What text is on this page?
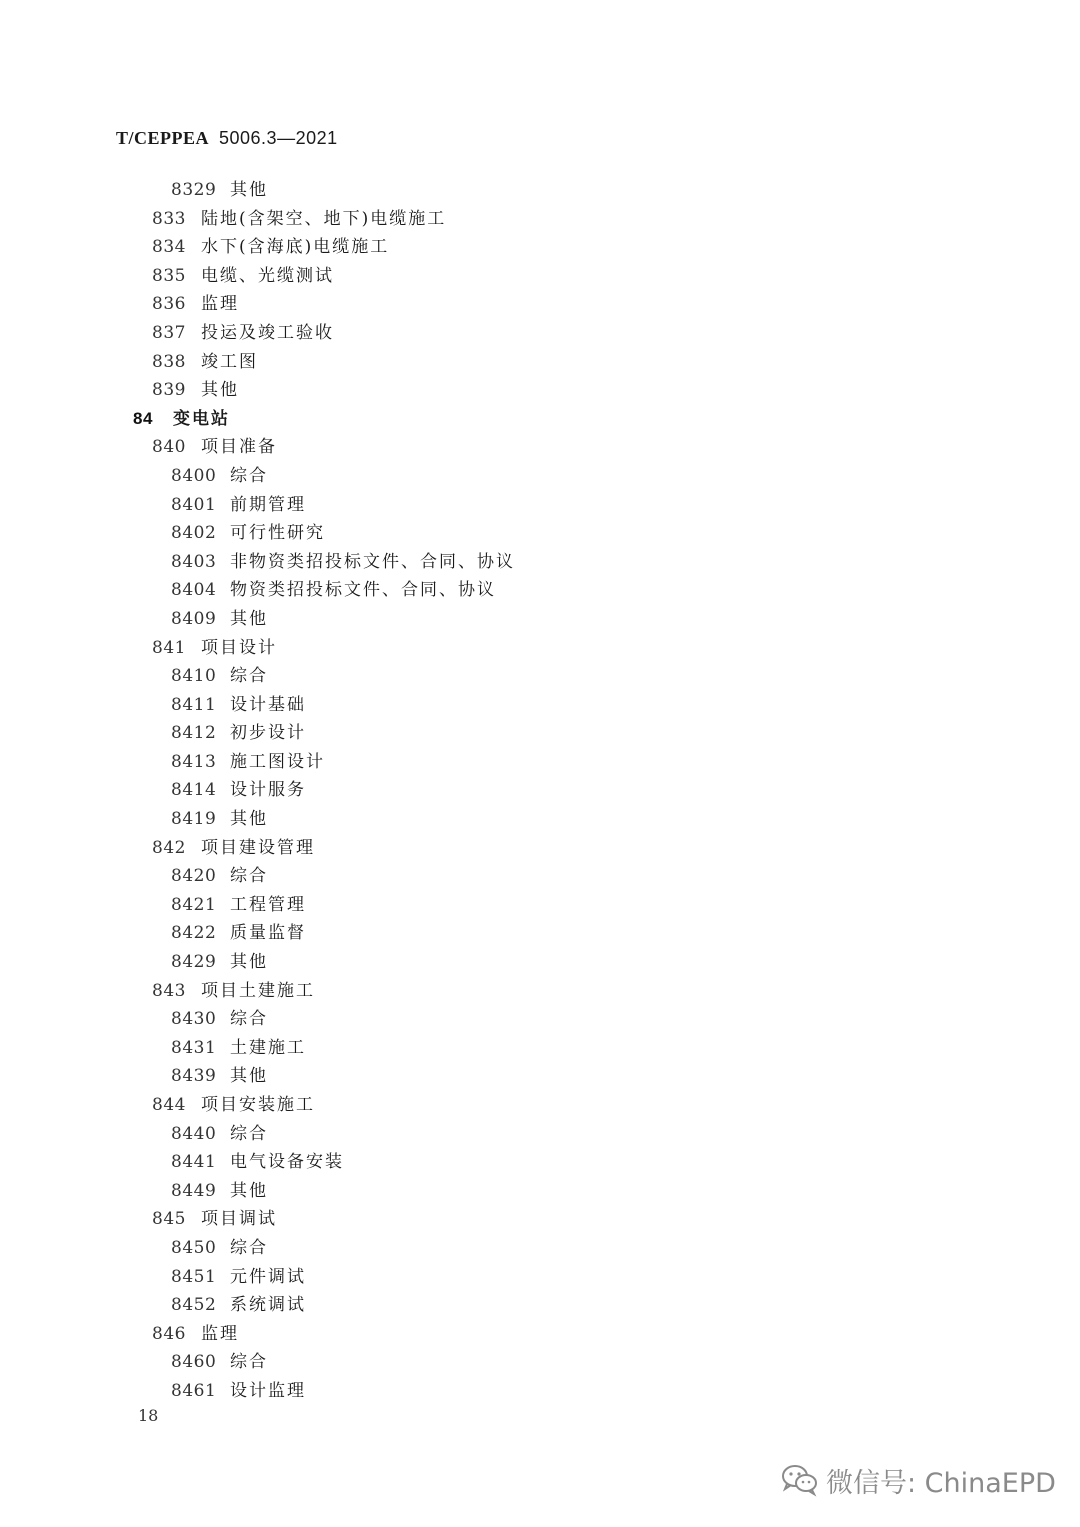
T/CEPPEA 5006.3—2021
8329 其他
833 陆地(含架空、地下)电缆施工
834 水下(含海底)电缆施工
835 电缆、光缆测试
836 监理
837 投运及竣工验收
838 竣工图
839 其他
84 变电站
840 项目准备
8400 综合
8401 前期管理
8402 可行性研究
8403 非物资类招投标文件、合同、协议
8404 物资类招投标文件、合同、协议
8409 其他
841 项目设计
8410 综合
8411 设计基础
8412 初步设计
8413 施工图设计
8414 设计服务
8419 其他
842 项目建设管理
8420 综合
8421 工程管理
8422 质量监督
8429 其他
843 项目土建施工
8430 综合
8431 土建施工
8439 其他
844 项目安装施工
8440 综合
8441 电气设备安装
8449 其他
845 项目调试
8450 综合
8451 元件调试
8452 系统调试
846 监理
8460 综合
8461 设计监理
18
微信号: ChinaEPD
